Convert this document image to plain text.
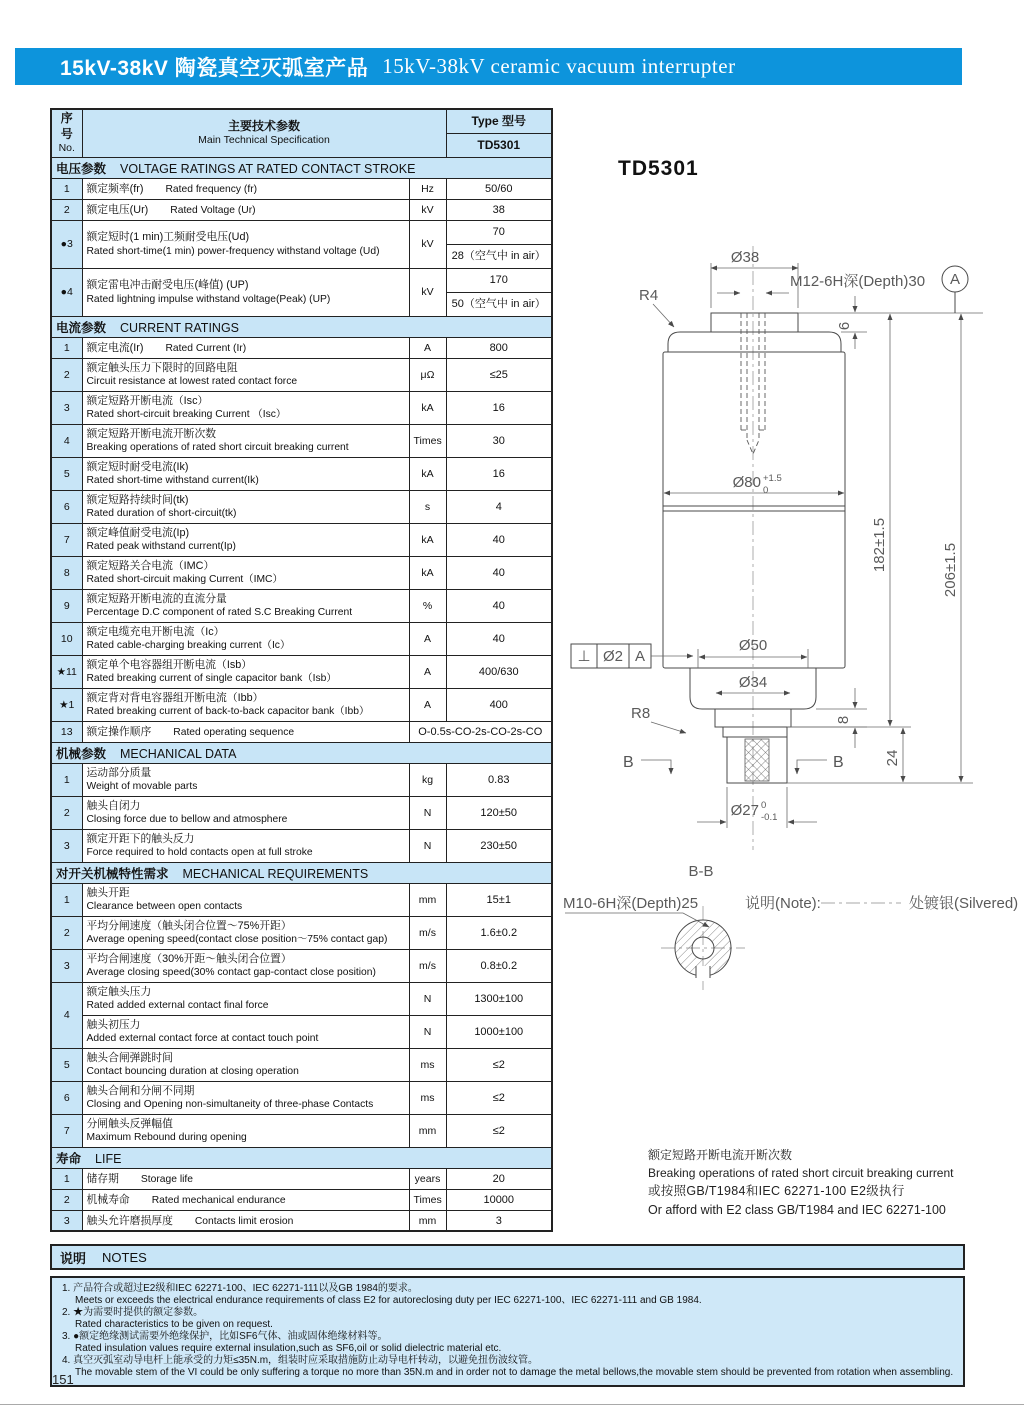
15kV-38kV 陶瓷真空灭弧室产品 15kV-38kV ceramic vacuum interrupter
序号
No.

主要技术参数
Main Technical Specification
	Type 型号
			TD5301
电压参数 VOLTAGE RATINGS AT RATED CONTACT STROKE			
1	额定频率(fr) Rated frequency (fr)	Hz	50/60
2	额定电压(Ur) Rated Voltage (Ur)	kV	38
●3	
额定短时(1 min)工频耐受电压(Ud)
Rated short-time(1 min) power-frequency withstand voltage (Ud)
	kV	
70
28（空气中 in air）

●4	
额定雷电冲击耐受电压(峰值) (UP)
Rated lightning impulse withstand voltage(Peak) (UP)
	kV	
170
50（空气中 in air）

电流参数 CURRENT RATINGS			
1	额定电流(Ir) Rated Current (Ir)	A	800
2	额定触头压力下限时的回路电阻
Circuit resistance at lowest rated contact force	μΩ	≤25
3	额定短路开断电流（Isc）
Rated short-circuit breaking Current （Isc）	kA	16
4	额定短路开断电流开断次数
Breaking operations of rated short circuit breaking current	Times	30
5	额定短时耐受电流(Ik)
Rated short-time withstand current(Ik)	kA	16
6	额定短路持续时间(tk)
Rated duration of short-circuit(tk)	s	4
7	额定峰值耐受电流(Ip)
Rated peak withstand current(Ip)	kA	40
8	额定短路关合电流（IMC）
Rated short-circuit making Current（IMC）	kA	40
9	额定短路开断电流的直流分量
Percentage D.C component of rated S.C Breaking Current	%	40
10	额定电缆充电开断电流（Ic）
Rated cable-charging breaking current（Ic）	A	40
★11	额定单个电容器组开断电流（Isb）
Rated breaking current of single capacitor bank（Isb）	A	400/630
★1	额定背对背电容器组开断电流（Ibb）
Rated breaking current of back-to-back capacitor bank（Ibb）	A	400
13	额定操作顺序 Rated operating sequence	O-0.5s-CO-2s-CO-2s-CO	
机械参数 MECHANICAL DATA			
1	运动部分质量
Weight of movable parts	kg	0.83
2	触头自闭力
Closing force due to bellow and atmosphere	N	120±50
3	额定开距下的触头反力
Force required to hold contacts open at full stroke	N	230±50
对开关机械特性需求 MECHANICAL REQUIREMENTS			
1	触头开距
Clearance between open contacts	mm	15±1
2	平均分闸速度（触头闭合位置～75%开距）
Average opening speed(contact close position～75% contact gap)	m/s	1.6±0.2
3	平均合闸速度（30%开距～触头闭合位置）
Average closing speed(30% contact gap-contact close position)	m/s	0.8±0.2
4	额定触头压力
Rated added external contact final force	N	1300±100

	触头初压力
Added external contact force at contact touch point	N	1000±100
5	触头合闸弹跳时间
Contact bouncing duration at closing operation	ms	≤2
6	触头合闸和分闸不同期
Closing and Opening non-simultaneity of three-phase Contacts	ms	≤2
7	分闸触头反弹幅值
Maximum Rebound during opening	mm	≤2
寿命 LIFE			
1	储存期 Storage life	years	20
2	机械寿命 Rated mechanical endurance	Times	10000
3	触头允许磨损厚度 Contacts limit erosion	mm	3
TD5301
Ø38
M12-6H深(Depth)30 A
R4
6
Ø80 +1.5
0
182±1.5	206±1.5
Ø50
⊥ Ø2 A
Ø34
R8
B	B
8
24
Ø27 0
-0.1
B-B
M10-6H深(Depth)25	说明(Note):	处镀银(Silvered)
额定短路开断电流开断次数
Breaking operations of rated short circuit breaking current
或按照GB/T1984和IEC 62271-100 E2级执行
Or afford with E2 class GB/T1984 and IEC 62271-100
说明 NOTES
1. 产品符合或超过E2级和IEC 62271-100、IEC 62271-111以及GB 1984的要求。
Meets or exceeds the electrical endurance requirements of class E2 for autoreclosing duty per IEC 62271-100、IEC 62271-111 and GB 1984.
2. ★为需要时提供的额定参数。
Rated characteristics to be given on request.
3. ●额定绝缘测试需要外绝缘保护，比如SF6气体、油或固体绝缘材料等。
Rated insulation values require external insulation,such as SF6,oil or solid dielectric material etc.
4. 真空灭弧室动导电杆上能承受的力矩≤35N.m，组装时应采取措施防止动导电杆转动，以避免扭伤波纹管。
The movable stem of the VI could be only suffering a torque no more than 35N.m and in order not to damage the metal bellows,the movable stem should be prevented from rotation when assembling.
151
